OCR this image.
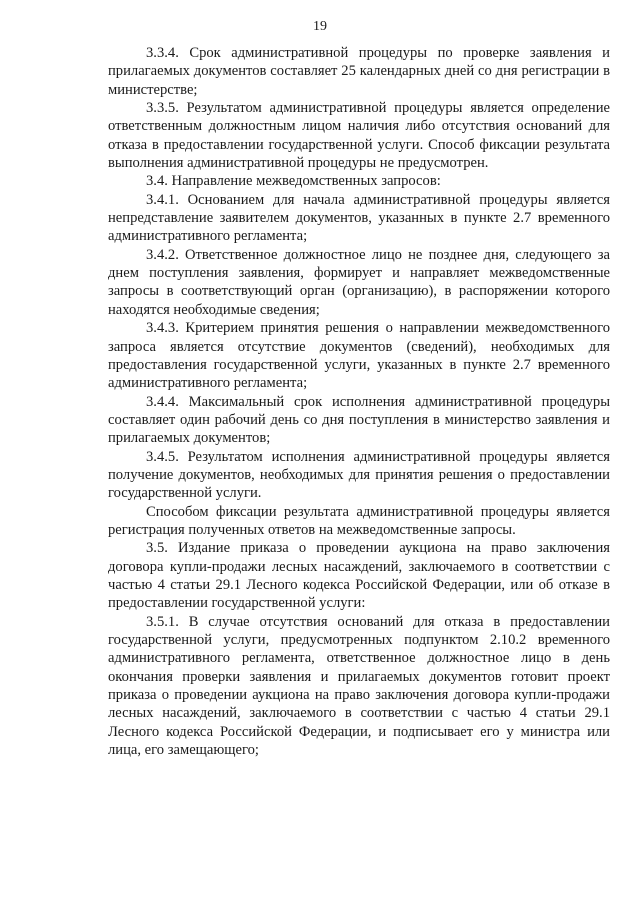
19

3.3.4. Срок административной процедуры по проверке заявления и прилагаемых документов составляет 25 календарных дней со дня регистрации в министерстве;

3.3.5. Результатом административной процедуры является определение ответственным должностным лицом наличия либо отсутствия оснований для отказа в предоставлении государственной услуги. Способ фиксации результата выполнения административной процедуры не предусмотрен.

3.4. Направление межведомственных запросов:

3.4.1. Основанием для начала административной процедуры является непредставление заявителем документов, указанных в пункте 2.7 временного административного регламента;

3.4.2. Ответственное должностное лицо не позднее дня, следующего за днем поступления заявления, формирует и направляет межведомственные запросы в соответствующий орган (организацию), в распоряжении которого находятся необходимые сведения;

3.4.3. Критерием принятия решения о направлении межведомственного запроса является отсутствие документов (сведений), необходимых для предоставления государственной услуги, указанных в пункте 2.7 временного административного регламента;

3.4.4. Максимальный срок исполнения административной процедуры составляет один рабочий день со дня поступления в министерство заявления и прилагаемых документов;

3.4.5. Результатом исполнения административной процедуры является получение документов, необходимых для принятия решения о предоставлении государственной услуги.

Способом фиксации результата административной процедуры является регистрация полученных ответов на межведомственные запросы.

3.5. Издание приказа о проведении аукциона на право заключения договора купли-продажи лесных насаждений, заключаемого в соответствии с частью 4 статьи 29.1 Лесного кодекса Российской Федерации, или об отказе в предоставлении государственной услуги:

3.5.1. В случае отсутствия оснований для отказа в предоставлении государственной услуги, предусмотренных подпунктом 2.10.2 временного административного регламента, ответственное должностное лицо в день окончания проверки заявления и прилагаемых документов готовит проект приказа о проведении аукциона на право заключения договора купли-продажи лесных насаждений, заключаемого в соответствии с частью 4 статьи 29.1 Лесного кодекса Российской Федерации, и подписывает его у министра или лица, его замещающего;
